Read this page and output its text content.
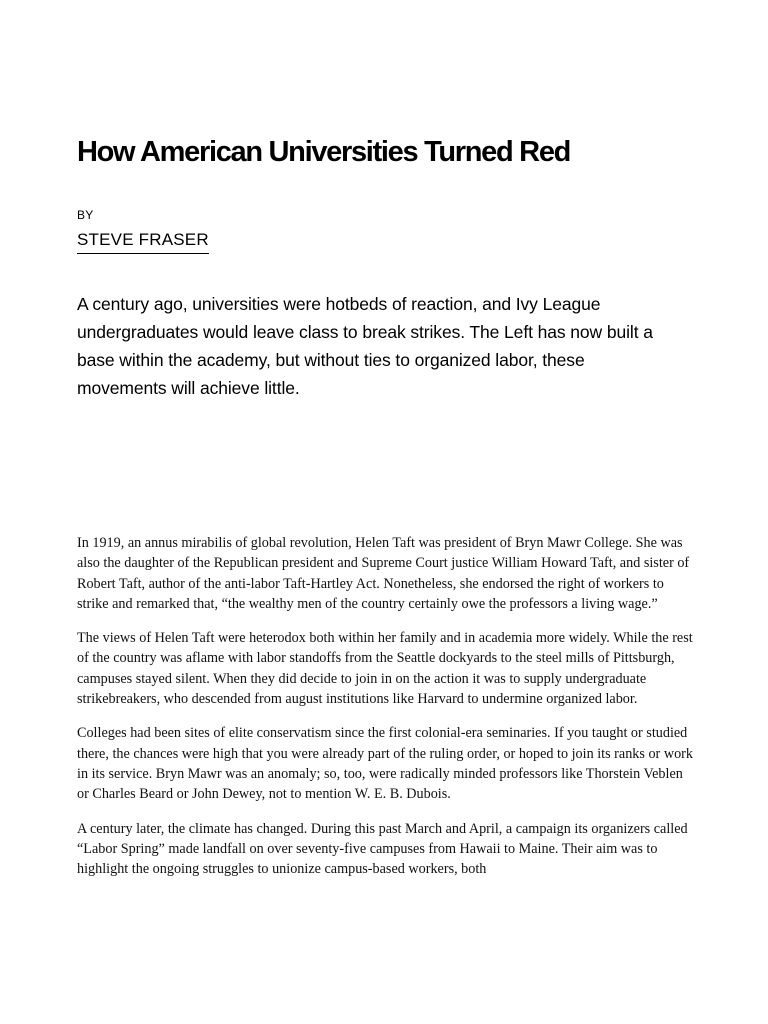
How American Universities Turned Red
BY
STEVE FRASER

A century ago, universities were hotbeds of reaction, and Ivy League undergraduates would leave class to break strikes. The Left has now built a base within the academy, but without ties to organized labor, these movements will achieve little.

In 1919, an annus mirabilis of global revolution, Helen Taft was president of Bryn Mawr College. She was also the daughter of the Republican president and Supreme Court justice William Howard Taft, and sister of Robert Taft, author of the anti-labor Taft-Hartley Act. Nonetheless, she endorsed the right of workers to strike and remarked that, “the wealthy men of the country certainly owe the professors a living wage.”

The views of Helen Taft were heterodox both within her family and in academia more widely. While the rest of the country was aflame with labor standoffs from the Seattle dockyards to the steel mills of Pittsburgh, campuses stayed silent. When they did decide to join in on the action it was to supply undergraduate strikebreakers, who descended from august institutions like Harvard to undermine organized labor.

Colleges had been sites of elite conservatism since the first colonial-era seminaries. If you taught or studied there, the chances were high that you were already part of the ruling order, or hoped to join its ranks or work in its service. Bryn Mawr was an anomaly; so, too, were radically minded professors like Thorstein Veblen or Charles Beard or John Dewey, not to mention W. E. B. Dubois.

A century later, the climate has changed. During this past March and April, a campaign its organizers called “Labor Spring” made landfall on over seventy-five campuses from Hawaii to Maine. Their aim was to highlight the ongoing struggles to unionize campus-based workers, both
